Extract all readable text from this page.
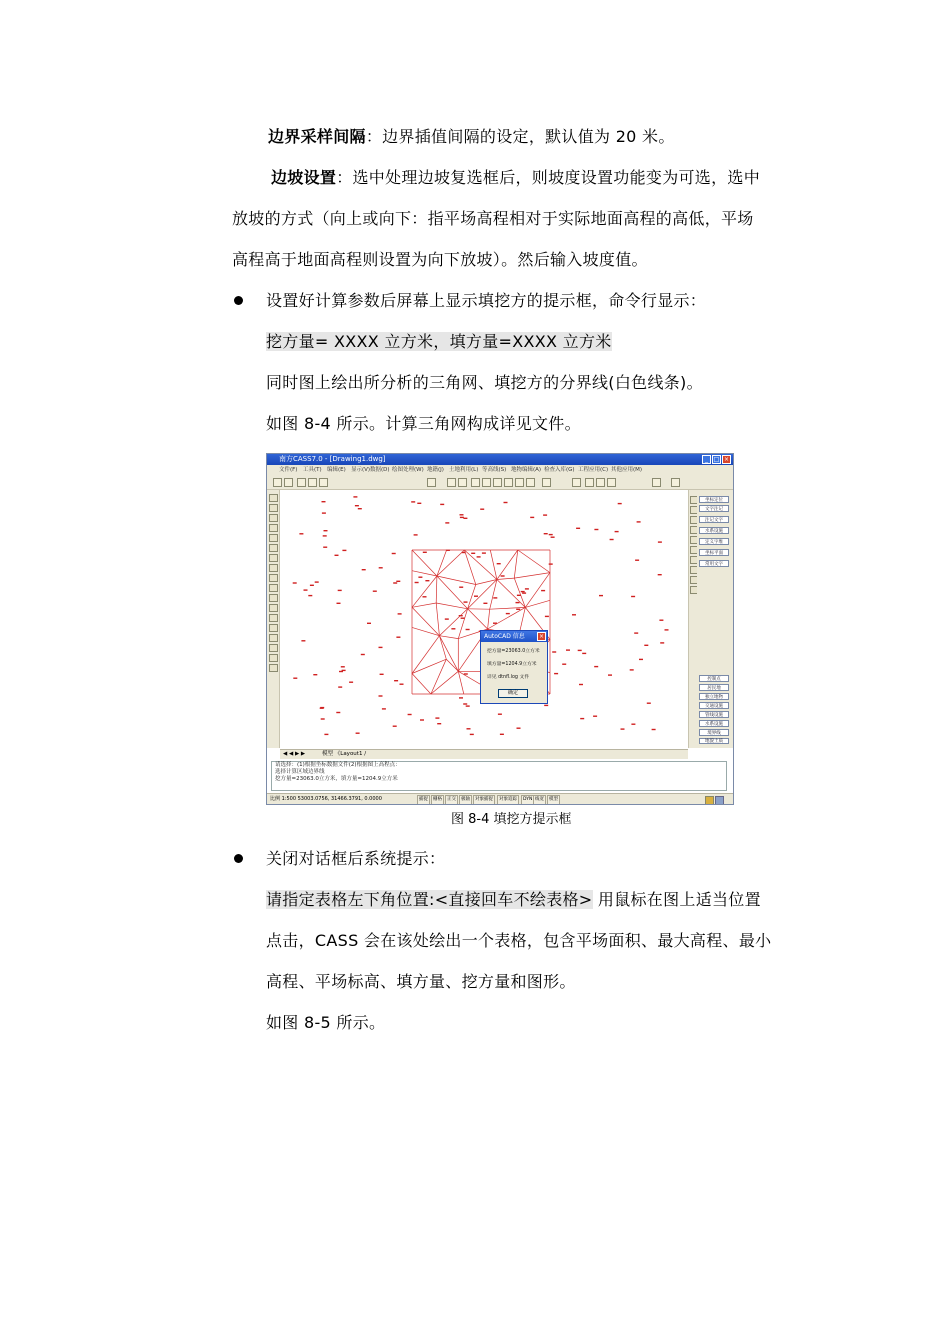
边界采样间隔：边界插值间隔的设定，默认值为 20 米。
边坡设置：选中处理边坡复选框后，则坡度设置功能变为可选，选中
放坡的方式（向上或向下：指平场高程相对于实际地面高程的高低，平场
高程高于地面高程则设置为向下放坡）。然后输入坡度值。
设置好计算参数后屏幕上显示填挖方的提示框，命令行显示：
挖方量= XXXX 立方米，填方量=XXXX 立方米
同时图上绘出所分析的三角网、填挖方的分界线(白色线条)。
如图 8-4 所示。计算三角网构成详见文件。
南方CASS7.0 - [Drawing1.dwg]	_ □ ×
文件(F) 工具(T) 编辑(E) 显示(V) 数据(D) 绘图处理(W) 地籍(J) 土地利用(L) 等高线(S) 地物编辑(A) 检查入库(G) 工程应用(C) 其他应用(M)
AutoCAD 信息	×
挖方量=23063.0立方米
填方量=1204.9立方米
详见 dtnfl.log 文件
确定
坐标定位
文字注记
注记文字
水系设施
定义字堆
坐标平面
常用文字
控制点
居民地
独立地物
交通设施
管线设施
水系设施
境界线
地貌土质
◀ ◀ ▶ ▶	模型 《Layout1 /
请选择：(1)根据坐标数据文件(2)根据图上高程点：
选择计算区域边界线
挖方量=23063.0立方米，填方量=1204.9立方米
比例 1:500 53003.0756, 31466.3791, 0.0000	捕捉	栅格	正交	极轴	对象捕捉	对象追踪	DYN 线宽	模型
图 8-4 填挖方提示框
关闭对话框后系统提示：
请指定表格左下角位置:<直接回车不绘表格> 用鼠标在图上适当位置
点击，CASS 会在该处绘出一个表格，包含平场面积、最大高程、最小
高程、平场标高、填方量、挖方量和图形。
如图 8-5 所示。
